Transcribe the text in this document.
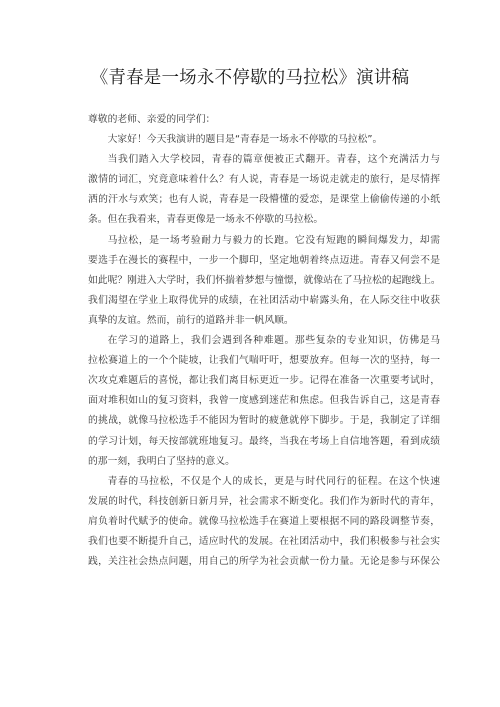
《青春是一场永不停歇的马拉松》演讲稿
尊敬的老师、亲爱的同学们：
大家好！今天我演讲的题目是“青春是一场永不停歇的马拉松”。
当我们踏入大学校园，青春的篇章便被正式翻开。青春，这个充满活力与
激情的词汇，究竟意味着什么？有人说，青春是一场说走就走的旅行，是尽情挥
洒的汗水与欢笑；也有人说，青春是一段懵懂的爱恋，是课堂上偷偷传递的小纸
条。但在我看来，青春更像是一场永不停歇的马拉松。
马拉松，是一场考验耐力与毅力的长跑。它没有短跑的瞬间爆发力，却需
要选手在漫长的赛程中，一步一个脚印，坚定地朝着终点迈进。青春又何尝不是
如此呢？刚进入大学时，我们怀揣着梦想与憧憬，就像站在了马拉松的起跑线上。
我们渴望在学业上取得优异的成绩，在社团活动中崭露头角，在人际交往中收获
真挚的友谊。然而，前行的道路并非一帆风顺。
在学习的道路上，我们会遇到各种难题。那些复杂的专业知识，仿佛是马
拉松赛道上的一个个陡坡，让我们气喘吁吁，想要放弃。但每一次的坚持，每一
次攻克难题后的喜悦，都让我们离目标更近一步。记得在准备一次重要考试时，
面对堆积如山的复习资料，我曾一度感到迷茫和焦虑。但我告诉自己，这是青春
的挑战，就像马拉松选手不能因为暂时的疲惫就停下脚步。于是，我制定了详细
的学习计划，每天按部就班地复习。最终，当我在考场上自信地答题，看到成绩
的那一刻，我明白了坚持的意义。
青春的马拉松，不仅是个人的成长，更是与时代同行的征程。在这个快速
发展的时代，科技创新日新月异，社会需求不断变化。我们作为新时代的青年，
肩负着时代赋予的使命。就像马拉松选手在赛道上要根据不同的路段调整节奏，
我们也要不断提升自己，适应时代的发展。在社团活动中，我们积极参与社会实
践，关注社会热点问题，用自己的所学为社会贡献一份力量。无论是参与环保公
